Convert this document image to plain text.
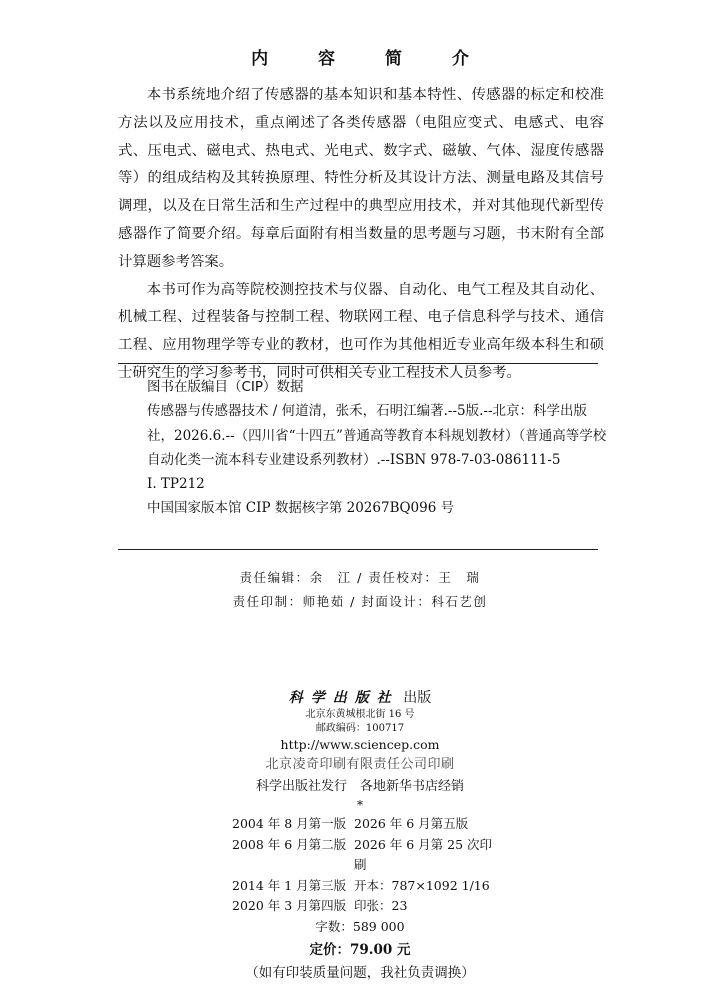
内 容 简 介

本书系统地介绍了传感器的基本知识和基本特性、传感器的标定和校准方法以及应用技术，重点阐述了各类传感器（电阻应变式、电感式、电容式、压电式、磁电式、热电式、光电式、数字式、磁敏、气体、湿度传感器等）的组成结构及其转换原理、特性分析及其设计方法、测量电路及其信号调理，以及在日常生活和生产过程中的典型应用技术，并对其他现代新型传感器作了简要介绍。每章后面附有相当数量的思考题与习题，书末附有全部计算题参考答案。

本书可作为高等院校测控技术与仪器、自动化、电气工程及其自动化、机械工程、过程装备与控制工程、物联网工程、电子信息科学与技术、通信工程、应用物理学等专业的教材，也可作为其他相近专业高年级本科生和硕士研究生的学习参考书，同时可供相关专业工程技术人员参考。

图书在版编目（CIP）数据
传感器与传感器技术 / 何道清，张禾，石明江编著.--5版.--北京：科学出版社，2026.6.--（四川省“十四五”普通高等教育本科规划教材）（普通高等学校自动化类一流本科专业建设系列教材）.--ISBN 978-7-03-086111-5
Ⅰ. TP212
中国国家版本馆 CIP 数据核字第 20267BQ096 号
责任编辑：余　江 / 责任校对：王　瑞
责任印制：师艳茹 / 封面设计：科石艺创
科学出版社 出版
北京东黄城根北街 16 号
邮政编码：100717
http://www.sciencep.com
北京凌奇印刷有限责任公司印刷
科学出版社发行　各地新华书店经销
*
2004 年 8 月第一版 2026 年 6 月第五版
2008 年 6 月第二版 2026 年 6 月第 25 次印刷
2014 年 1 月第三版 开本：787×1092 1/16
2020 年 3 月第四版 印张：23
字数：589 000
定价：79.00 元
（如有印装质量问题，我社负责调换）
